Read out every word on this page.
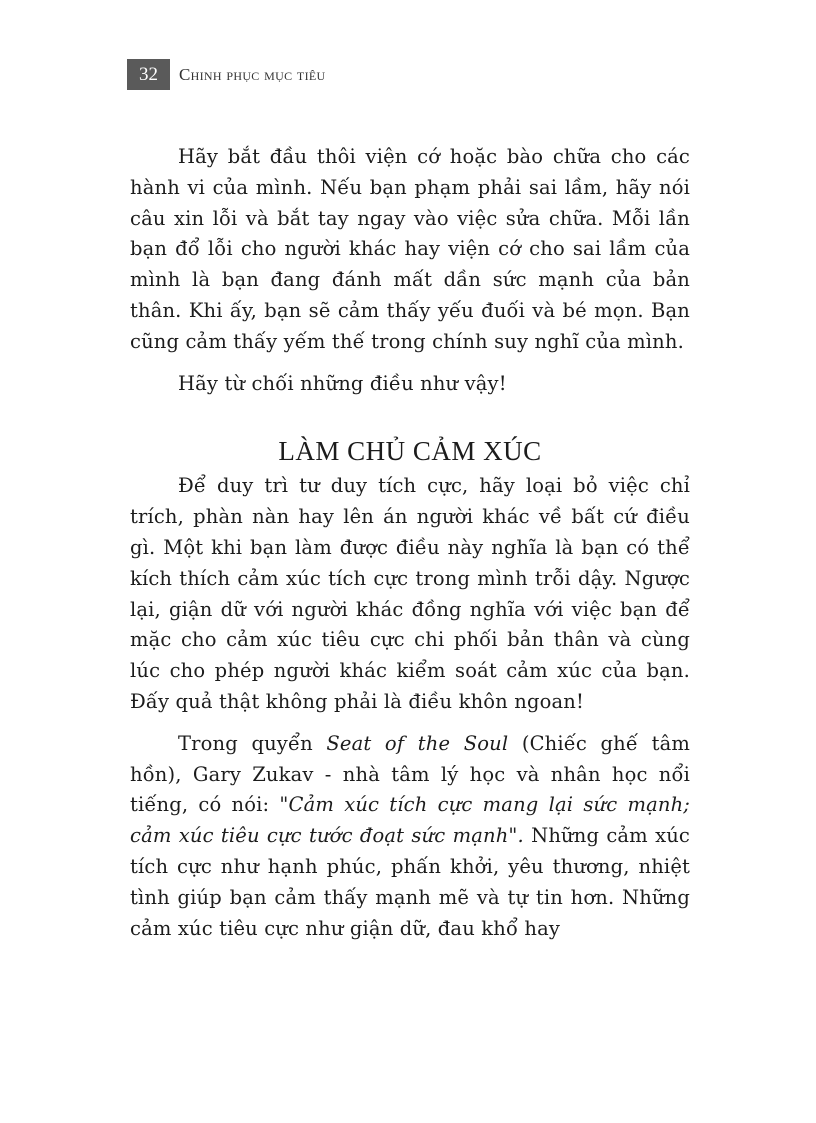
32	Chinh phục mục tiêu

Hãy bắt đầu thôi viện cớ hoặc bào chữa cho các hành vi của mình. Nếu bạn phạm phải sai lầm, hãy nói câu xin lỗi và bắt tay ngay vào việc sửa chữa. Mỗi lần bạn đổ lỗi cho người khác hay viện cớ cho sai lầm của mình là bạn đang đánh mất dần sức mạnh của bản thân. Khi ấy, bạn sẽ cảm thấy yếu đuối và bé mọn. Bạn cũng cảm thấy yếm thế trong chính suy nghĩ của mình.

Hãy từ chối những điều như vậy!

LÀM CHỦ CẢM XÚC

Để duy trì tư duy tích cực, hãy loại bỏ việc chỉ trích, phàn nàn hay lên án người khác về bất cứ điều gì. Một khi bạn làm được điều này nghĩa là bạn có thể kích thích cảm xúc tích cực trong mình trỗi dậy. Ngược lại, giận dữ với người khác đồng nghĩa với việc bạn để mặc cho cảm xúc tiêu cực chi phối bản thân và cùng lúc cho phép người khác kiểm soát cảm xúc của bạn. Đấy quả thật không phải là điều khôn ngoan!

Trong quyển Seat of the Soul (Chiếc ghế tâm hồn), Gary Zukav - nhà tâm lý học và nhân học nổi tiếng, có nói: "Cảm xúc tích cực mang lại sức mạnh; cảm xúc tiêu cực tước đoạt sức mạnh". Những cảm xúc tích cực như hạnh phúc, phấn khởi, yêu thương, nhiệt tình giúp bạn cảm thấy mạnh mẽ và tự tin hơn. Những cảm xúc tiêu cực như giận dữ, đau khổ hay
